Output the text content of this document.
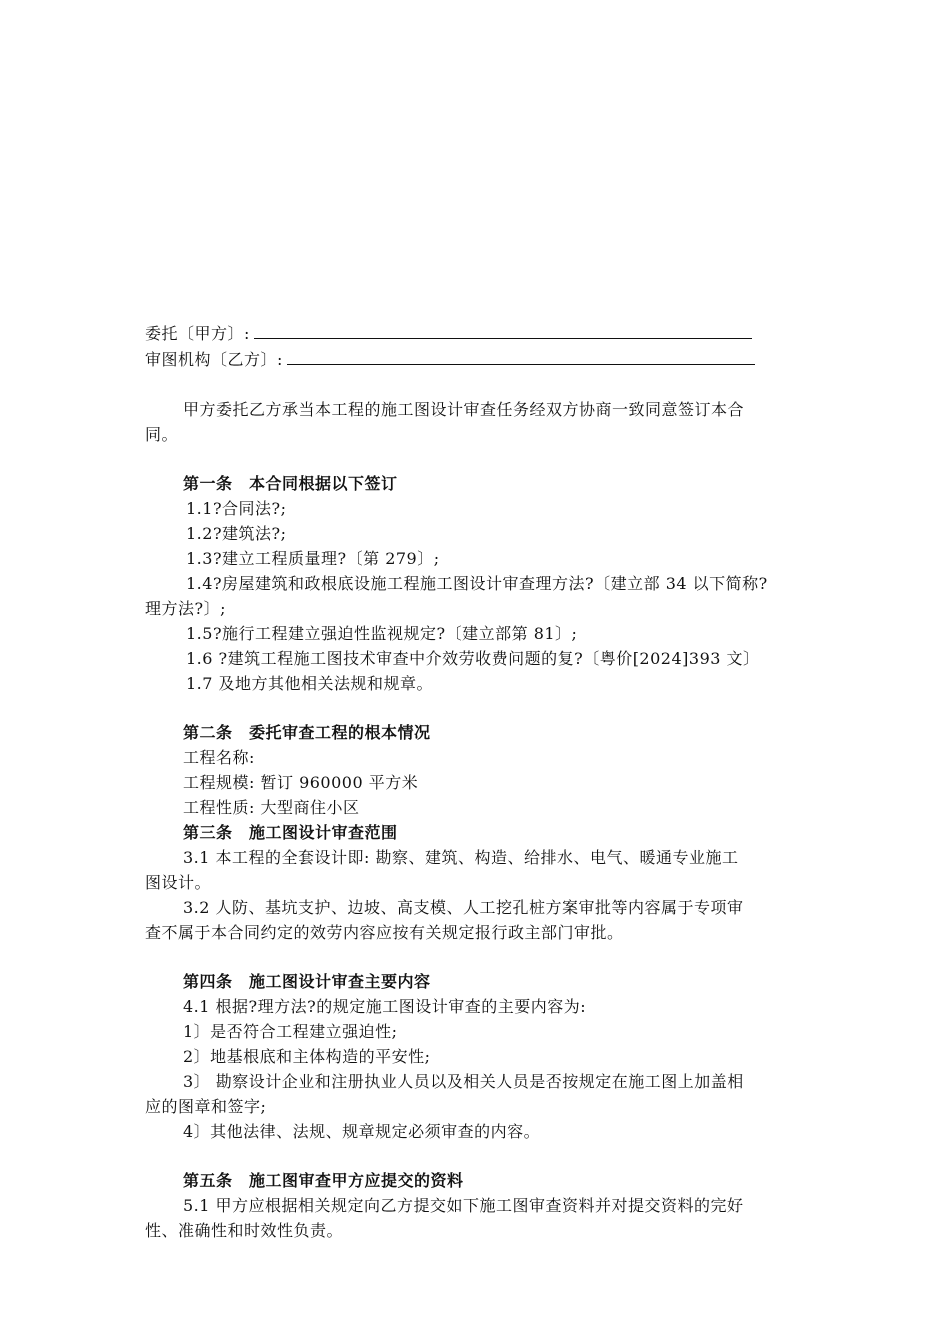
委托〔甲方〕:
审图机构〔乙方〕:
甲方委托乙方承当本工程的施工图设计审查任务经双方协商一致同意签订本合
同。
第一条　本合同根据以下签订
1.1?合同法?;
1.2?建筑法?;
1.3?建立工程质量理?〔第 279〕;
1.4?房屋建筑和政根底设施工程施工图设计审查理方法?〔建立部 34 以下简称?
理方法?〕;
1.5?施行工程建立强迫性监视规定?〔建立部第 81〕;
1.6 ?建筑工程施工图技术审查中介效劳收费问题的复?〔粤价[2024]393 文〕
1.7 及地方其他相关法规和规章。
第二条　委托审查工程的根本情况
工程名称:
工程规模: 暂订 960000 平方米
工程性质: 大型商住小区
第三条　施工图设计审查范围
3.1 本工程的全套设计即: 勘察、建筑、构造、给排水、电气、暖通专业施工
图设计。
3.2 人防、基坑支护、边坡、高支模、人工挖孔桩方案审批等内容属于专项审
查不属于本合同约定的效劳内容应按有关规定报行政主部门审批。
第四条　施工图设计审查主要内容
4.1 根据?理方法?的规定施工图设计审查的主要内容为:
1〕是否符合工程建立强迫性;
2〕地基根底和主体构造的平安性;
3〕 勘察设计企业和注册执业人员以及相关人员是否按规定在施工图上加盖相
应的图章和签字;
4〕其他法律、法规、规章规定必须审查的内容。
第五条　施工图审查甲方应提交的资料
5.1 甲方应根据相关规定向乙方提交如下施工图审查资料并对提交资料的完好
性、准确性和时效性负责。
